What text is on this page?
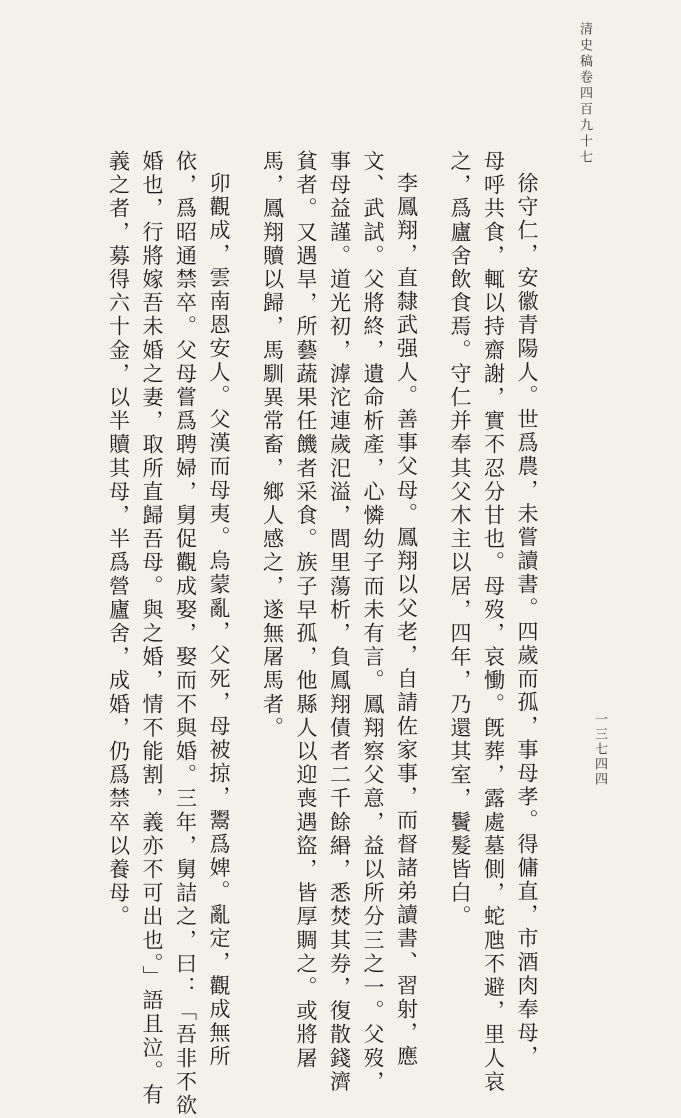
清史稿卷四百九十七
一三七四四

徐守仁，安徽青陽人。世爲農，未嘗讀書。四歲而孤，事母孝。得傭直，市酒肉奉母，
母呼共食，輒以持齋謝，實不忍分甘也。母歿，哀慟。旣葬，露處墓側，蛇虺不避，里人哀
之，爲廬舍飲食焉。守仁并奉其父木主以居，四年，乃還其室，鬢髮皆白。

李鳳翔，直隸武强人。善事父母。鳳翔以父老，自請佐家事，而督諸弟讀書、習射，應
文、武試。父將終，遺命析產，心憐幼子而未有言。鳳翔察父意，益以所分三之一。父歿，
事母益謹。道光初，滹沱連歲汜溢，閭里蕩析，負鳳翔債者二千餘緡，悉焚其券，復散錢濟
貧者。又遇旱，所藝蔬果任饑者采食。族子早孤，他縣人以迎喪遇盜，皆厚賙之。或將屠
馬，鳳翔贖以歸，馬馴異常畜，鄉人感之，遂無屠馬者。

卯觀成，雲南恩安人。父漢而母夷。烏蒙亂，父死，母被掠，鬻爲婢。亂定，觀成無所
依，爲昭通禁卒。父母嘗爲聘婦，舅促觀成娶，娶而不與婚。三年，舅詰之，曰：「吾非不欲
婚也，行將嫁吾未婚之妻，取所直歸吾母。與之婚，情不能割，義亦不可出也。」語且泣。有
義之者，募得六十金，以半贖其母，半爲營廬舍，成婚，仍爲禁卒以養母。
